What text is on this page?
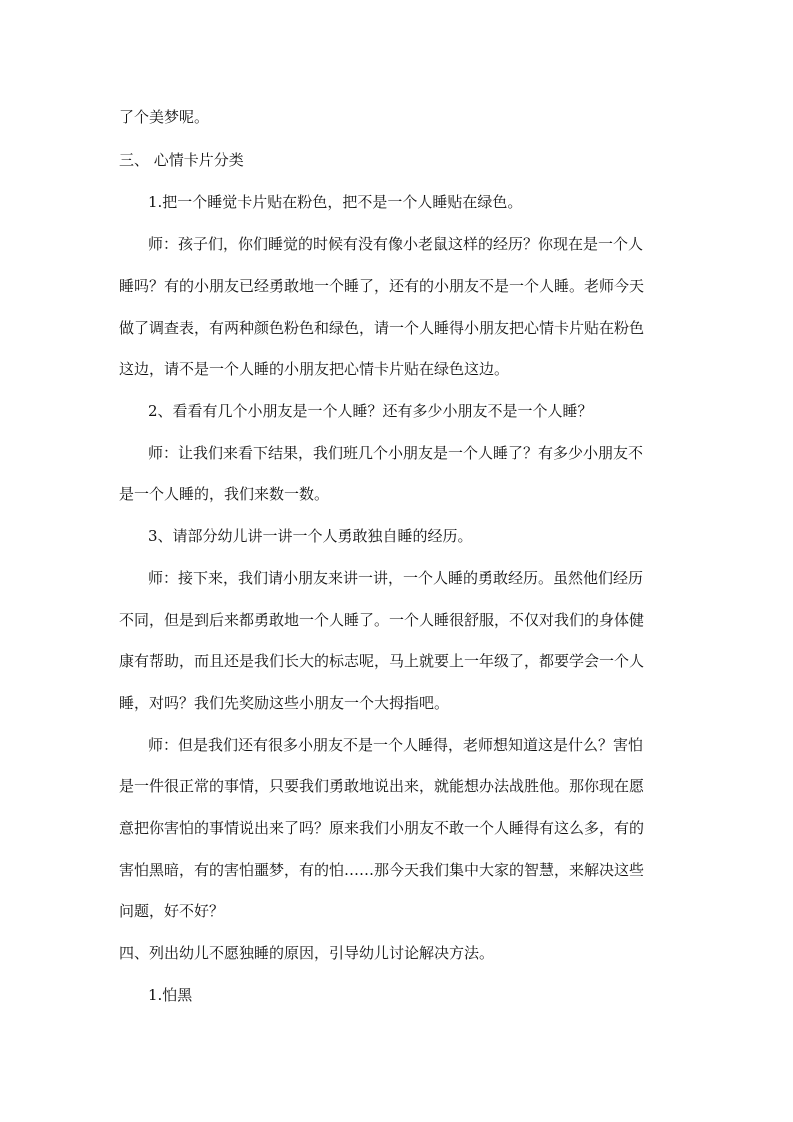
了个美梦呢。
三、 心情卡片分类
1.把一个睡觉卡片贴在粉色，把不是一个人睡贴在绿色。
师：孩子们，你们睡觉的时候有没有像小老鼠这样的经历？你现在是一个人
睡吗？有的小朋友已经勇敢地一个睡了，还有的小朋友不是一个人睡。老师今天
做了调查表，有两种颜色粉色和绿色，请一个人睡得小朋友把心情卡片贴在粉色
这边，请不是一个人睡的小朋友把心情卡片贴在绿色这边。
2、看看有几个小朋友是一个人睡？还有多少小朋友不是一个人睡？
师：让我们来看下结果，我们班几个小朋友是一个人睡了？有多少小朋友不
是一个人睡的，我们来数一数。
3、请部分幼儿讲一讲一个人勇敢独自睡的经历。
师：接下来，我们请小朋友来讲一讲，一个人睡的勇敢经历。虽然他们经历
不同，但是到后来都勇敢地一个人睡了。一个人睡很舒服，不仅对我们的身体健
康有帮助，而且还是我们长大的标志呢，马上就要上一年级了，都要学会一个人
睡，对吗？我们先奖励这些小朋友一个大拇指吧。
师：但是我们还有很多小朋友不是一个人睡得，老师想知道这是什么？害怕
是一件很正常的事情，只要我们勇敢地说出来，就能想办法战胜他。那你现在愿
意把你害怕的事情说出来了吗？原来我们小朋友不敢一个人睡得有这么多，有的
害怕黑暗，有的害怕噩梦，有的怕……那今天我们集中大家的智慧，来解决这些
问题，好不好？
四、列出幼儿不愿独睡的原因，引导幼儿讨论解决方法。
1.怕黑
